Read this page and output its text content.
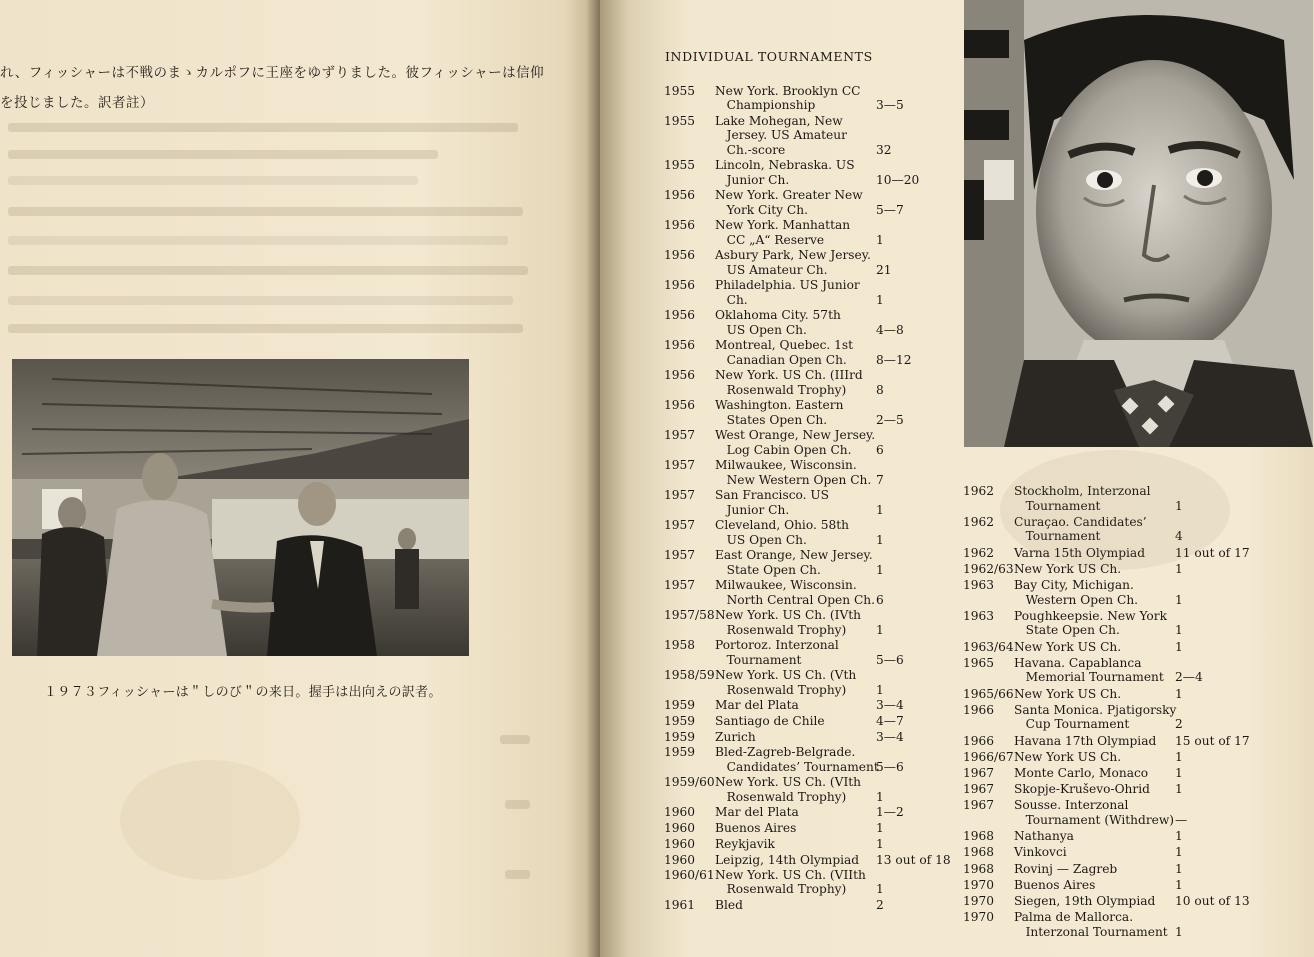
れ、フィッシャーは不戦のまゝカルポフに王座をゆずりました。彼フィッシャーは信仰
を投じました。訳者註）
１９７３フィッシャーは＂しのび＂の来日。握手は出向えの訳者。
INDIVIDUAL TOURNAMENTS
1955 New York. Brooklyn CC
Championship	3—5
1955 Lake Mohegan, New
Jersey. US Amateur
Ch.-score	32
1955 Lincoln, Nebraska. US
Junior Ch.	10—20
1956 New York. Greater New
York City Ch.	5—7
1956 New York. Manhattan
CC „A“ Reserve	1
1956 Asbury Park, New Jersey.
US Amateur Ch.	21
1956 Philadelphia. US Junior
Ch.	1
1956 Oklahoma City. 57th
US Open Ch.	4—8
1956 Montreal, Quebec. 1st
Canadian Open Ch. 8—12
1956 New York. US Ch. (IIIrd
Rosenwald Trophy) 8
1956 Washington. Eastern
States Open Ch.	2—5
1957 West Orange, New Jersey.
Log Cabin Open Ch. 6
1957 Milwaukee, Wisconsin.
New Western Open Ch. 7
1957 San Francisco. US
Junior Ch.	1
1957 Cleveland, Ohio. 58th
US Open Ch.	1
1957 East Orange, New Jersey.
State Open Ch.	1
1957 Milwaukee, Wisconsin.
North Central Open Ch. 6
1957/58 New York. US Ch. (IVth
Rosenwald Trophy) 1
1958 Portoroz. Interzonal
Tournament	5—6
1958/59 New York. US Ch. (Vth
Rosenwald Trophy) 1
1959 Mar del Plata	3—4
1959 Santiago de Chile	4—7
1959 Zurich	3—4
1959 Bled-Zagreb-Belgrade.
Candidates’ Tournament
5—6
1959/60 New York. US Ch. (VIth
Rosenwald Trophy) 1
1960 Mar del Plata	1—2
1960 Buenos Aires	1
1960 Reykjavik	1
1960 Leipzig, 14th Olympiad 13 out of 18
1960/61 New York. US Ch. (VIIth
Rosenwald Trophy) 1
1961 Bled	2
1962 Stockholm, Interzonal
Tournament	1
1962 Curaçao. Candidates’
Tournament	4
1962 Varna 15th Olympiad 11 out of 17
1962/63 New York US Ch.	1
1963 Bay City, Michigan.
Western Open Ch.	1
1963 Poughkeepsie. New York
State Open Ch.	1
1963/64 New York US Ch.	1
1965 Havana. Capablanca
Memorial Tournament 2—4
1965/66 New York US Ch.	1
1966 Santa Monica. Pjatigorsky
Cup Tournament	2
1966 Havana 17th Olympiad 15 out of 17
1966/67 New York US Ch.	1
1967 Monte Carlo, Monaco 1
1967 Skopje-Kruševo-Ohrid 1
1967 Sousse. Interzonal
Tournament (Withdrew) —
1968 Nathanya	1
1968 Vinkovci	1
1968 Rovinj — Zagreb	1
1970 Buenos Aires	1
1970 Siegen, 19th Olympiad 10 out of 13
1970 Palma de Mallorca.
Interzonal Tournament 1
